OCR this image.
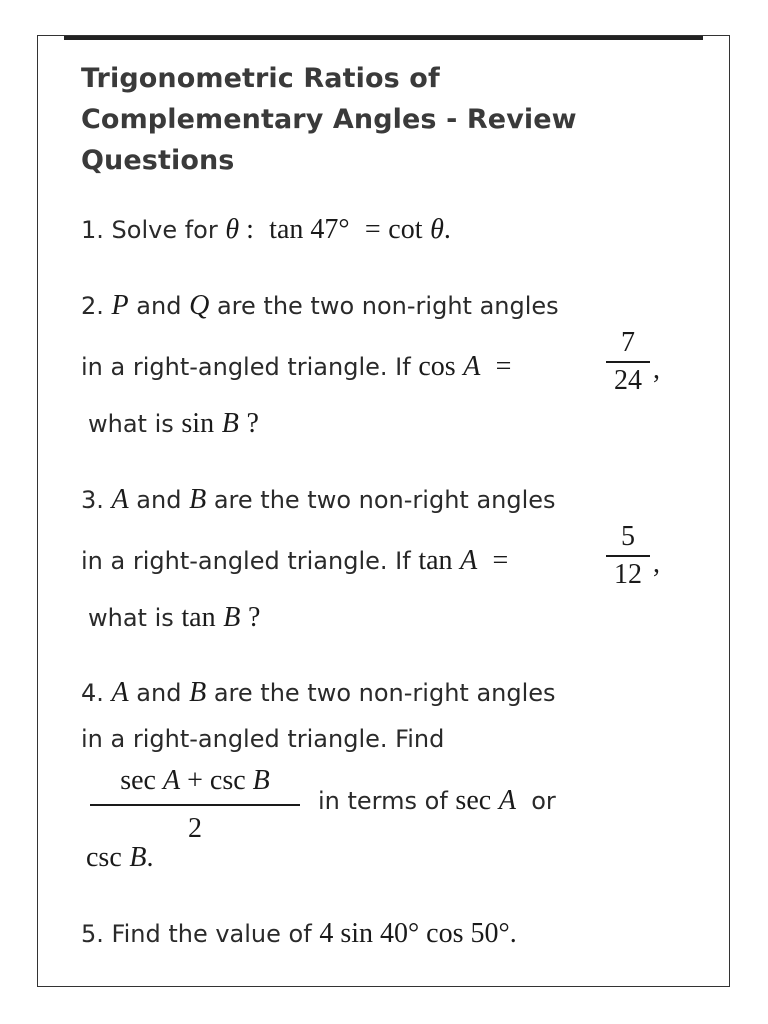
Trigonometric Ratios of Complementary Angles - Review Questions
1. Solve for θ : tan 47° = cot θ.
2. P and Q are the two non-right angles
in a right-angled triangle. If cos A =
7
24 ,
what is sin B ?
3. A and B are the two non-right angles
in a right-angled triangle. If tan A =
5
12 ,
what is tan B ?
4. A and B are the two non-right angles
in a right-angled triangle. Find
sec A + csc B
2
in terms of sec A or
csc B.
5. Find the value of 4 sin 40° cos 50°.
